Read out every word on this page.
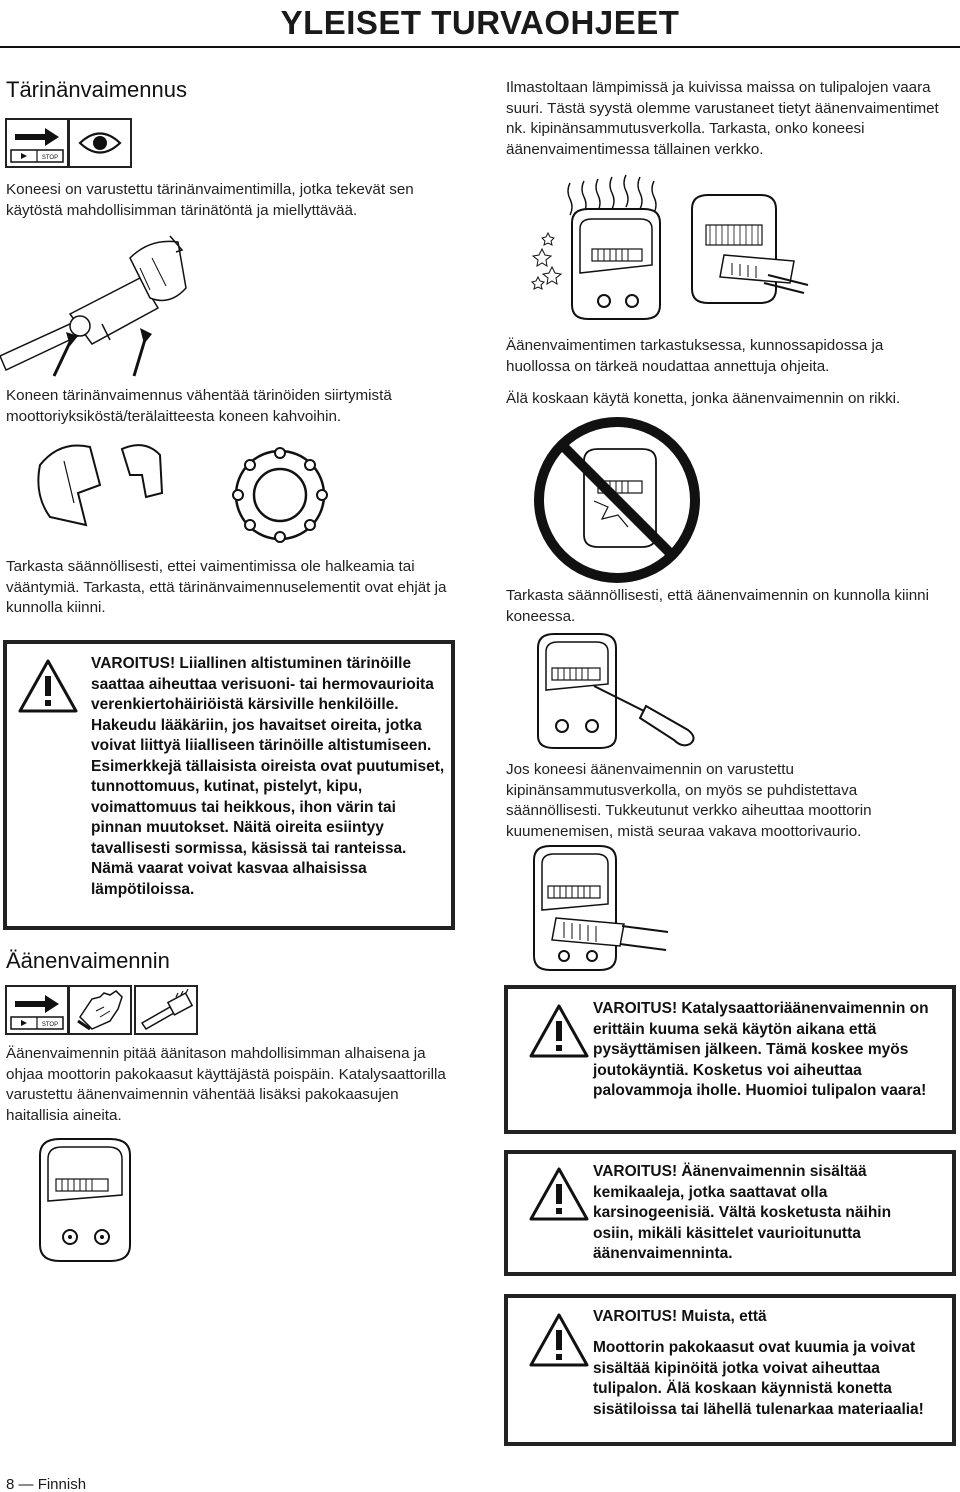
YLEISET TURVAOHJEET
Tärinänvaimennus
STOP
Koneesi on varustettu tärinänvaimentimilla, jotka tekevät sen käytöstä mahdollisimman tärinätöntä ja miellyttävää.
Koneen tärinänvaimennus vähentää tärinöiden siirtymistä moottoriyksiköstä/terälaitteesta koneen kahvoihin.
Tarkasta säännöllisesti, ettei vaimentimissa ole halkeamia tai vääntymiä. Tarkasta, että tärinänvaimennuselementit ovat ehjät ja kunnolla kiinni.
VAROITUS! Liiallinen altistuminen tärinöille saattaa aiheuttaa verisuoni- tai hermovaurioita verenkiertohäiriöistä kärsiville henkilöille. Hakeudu lääkäriin, jos havaitset oireita, jotka voivat liittyä liialliseen tärinöille altistumiseen. Esimerkkejä tällaisista oireista ovat puutumiset, tunnottomuus, kutinat, pistelyt, kipu, voimattomuus tai heikkous, ihon värin tai pinnan muutokset. Näitä oireita esiintyy tavallisesti sormissa, käsissä tai ranteissa. Nämä vaarat voivat kasvaa alhaisissa lämpötiloissa.
Äänenvaimennin
STOP
Äänenvaimennin pitää äänitason mahdollisimman alhaisena ja ohjaa moottorin pakokaasut käyttäjästä poispäin. Katalysaattorilla varustettu äänenvaimennin vähentää lisäksi pakokaasujen haitallisia aineita.
Ilmastoltaan lämpimissä ja kuivissa maissa on tulipalojen vaara suuri. Tästä syystä olemme varustaneet tietyt äänenvaimentimet nk. kipinänsammutusverkolla. Tarkasta, onko koneesi äänenvaimentimessa tällainen verkko.
Äänenvaimentimen tarkastuksessa, kunnossapidossa ja huollossa on tärkeä noudattaa annettuja ohjeita.
Älä koskaan käytä konetta, jonka äänenvaimennin on rikki.
Tarkasta säännöllisesti, että äänenvaimennin on kunnolla kiinni koneessa.
Jos koneesi äänenvaimennin on varustettu kipinänsammutusverkolla, on myös se puhdistettava säännöllisesti. Tukkeutunut verkko aiheuttaa moottorin kuumenemisen, mistä seuraa vakava moottorivaurio.
VAROITUS! Katalysaattoriäänenvaimennin on erittäin kuuma sekä käytön aikana että pysäyttämisen jälkeen. Tämä koskee myös joutokäyntiä. Kosketus voi aiheuttaa palovammoja iholle. Huomioi tulipalon vaara!
VAROITUS! Äänenvaimennin sisältää kemikaaleja, jotka saattavat olla karsinogeenisiä. Vältä kosketusta näihin osiin, mikäli käsittelet vaurioitunutta äänenvaimenninta.
VAROITUS! Muista, että
Moottorin pakokaasut ovat kuumia ja voivat sisältää kipinöitä jotka voivat aiheuttaa tulipalon. Älä koskaan käynnistä konetta sisätiloissa tai lähellä tulenarkaa materiaalia!
8 — Finnish
